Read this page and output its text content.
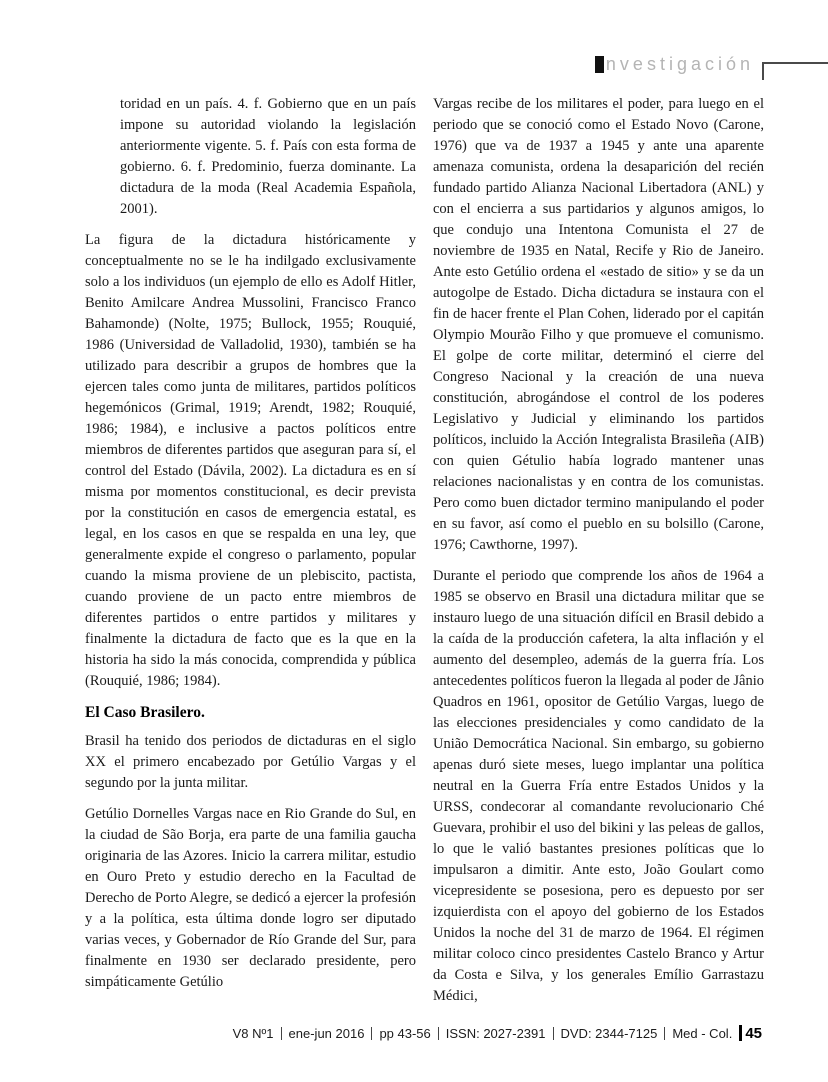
nvestigación

toridad en un país. 4. f. Gobierno que en un país impone su autoridad violando la legislación anteriormente vigente. 5. f. País con esta forma de gobierno. 6. f. Predominio, fuerza dominante. La dictadura de la moda (Real Academia Española, 2001).

La figura de la dictadura históricamente y conceptualmente no se le ha indilgado exclusivamente solo a los individuos (un ejemplo de ello es Adolf Hitler, Benito Amilcare Andrea Mussolini, Francisco Franco Bahamonde) (Nolte, 1975; Bullock, 1955; Rouquié, 1986 (Universidad de Valladolid, 1930), también se ha utilizado para describir a grupos de hombres que la ejercen tales como junta de militares, partidos políticos hegemónicos (Grimal, 1919; Arendt, 1982; Rouquié, 1986; 1984), e inclusive a pactos políticos entre miembros de diferentes partidos que aseguran para sí, el control del Estado (Dávila, 2002). La dictadura es en sí misma por momentos constitucional, es decir prevista por la constitución en casos de emergencia estatal, es legal, en los casos en que se respalda en una ley, que generalmente expide el congreso o parlamento, popular cuando la misma proviene de un plebiscito, pactista, cuando proviene de un pacto entre miembros de diferentes partidos o entre partidos y militares y finalmente la dictadura de facto que es la que en la historia ha sido la más conocida, comprendida y pública (Rouquié, 1986; 1984).

El Caso Brasilero.

Brasil ha tenido dos periodos de dictaduras en el siglo XX el primero encabezado por Getúlio Vargas y el segundo por la junta militar.

Getúlio Dornelles Vargas nace en Rio Grande do Sul, en la ciudad de São Borja, era parte de una familia gaucha originaria de las Azores. Inicio la carrera militar, estudio en Ouro Preto y estudio derecho en la Facultad de Derecho de Porto Alegre, se dedicó a ejercer la profesión y a la política, esta última donde logro ser diputado varias veces, y Gobernador de Río Grande del Sur, para finalmente en 1930 ser declarado presidente, pero simpáticamente Getúlio

Vargas recibe de los militares el poder, para luego en el periodo que se conoció como el Estado Novo (Carone, 1976) que va de 1937 a 1945 y ante una aparente amenaza comunista, ordena la desaparición del recién fundado partido Alianza Nacional Libertadora (ANL) y con el encierra a sus partidarios y algunos amigos, lo que condujo una Intentona Comunista el 27 de noviembre de 1935 en Natal, Recife y Rio de Janeiro. Ante esto Getúlio ordena el «estado de sitio» y se da un autogolpe de Estado. Dicha dictadura se instaura con el fin de hacer frente el Plan Cohen, liderado por el capitán Olympio Mourão Filho y que promueve el comunismo. El golpe de corte militar, determinó el cierre del Congreso Nacional y la creación de una nueva constitución, abrogándose el control de los poderes Legislativo y Judicial y eliminando los partidos políticos, incluido la Acción Integralista Brasileña (AIB) con quien Gétulio había logrado mantener unas relaciones nacionalistas y en contra de los comunistas. Pero como buen dictador termino manipulando el poder en su favor, así como el pueblo en su bolsillo (Carone, 1976; Cawthorne, 1997).

Durante el periodo que comprende los años de 1964 a 1985 se observo en Brasil una dictadura militar que se instauro luego de una situación difícil en Brasil debido a la caída de la producción cafetera, la alta inflación y el aumento del desempleo, además de la guerra fría. Los antecedentes políticos fueron la llegada al poder de Jânio Quadros en 1961, opositor de Getúlio Vargas, luego de las elecciones presidenciales y como candidato de la União Democrática Nacional. Sin embargo, su gobierno apenas duró siete meses, luego implantar una política neutral en la Guerra Fría entre Estados Unidos y la URSS, condecorar al comandante revolucionario Ché Guevara, prohibir el uso del bikini y las peleas de gallos, lo que le valió bastantes presiones políticas que lo impulsaron a dimitir. Ante esto, João Goulart como vicepresidente se posesiona, pero es depuesto por ser izquierdista con el apoyo del gobierno de los Estados Unidos la noche del 31 de marzo de 1964. El régimen militar coloco cinco presidentes Castelo Branco y Artur da Costa e Silva, y los generales Emílio Garrastazu Médici,

V8 Nº1 ene-jun 2016 pp 43-56 ISSN: 2027-2391 DVD: 2344-7125 Med - Col. 45
